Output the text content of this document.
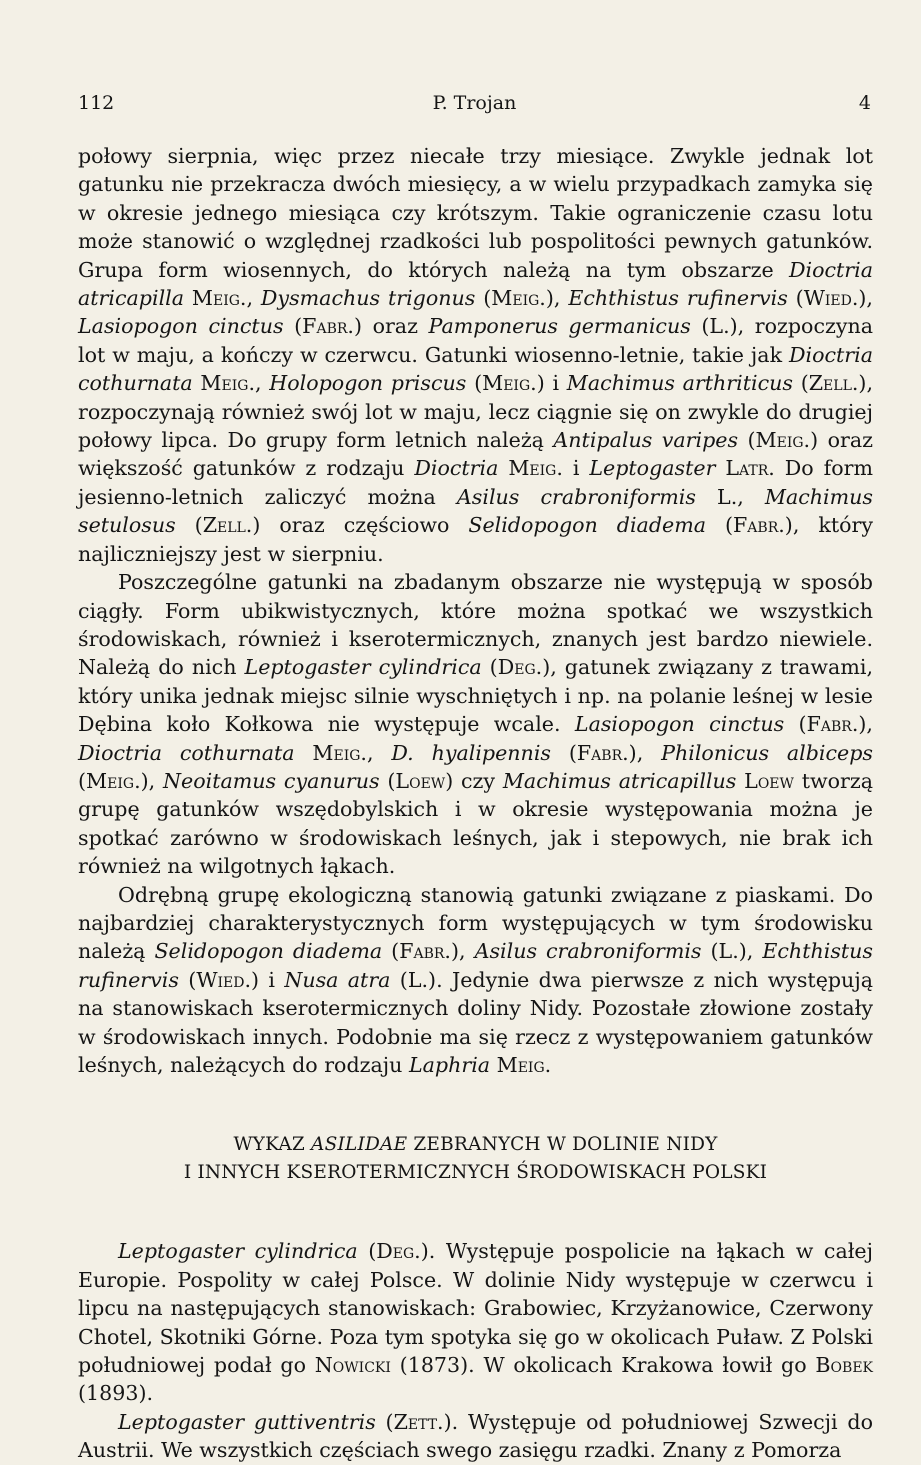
112	P. Trojan	4

połowy sierpnia, więc przez niecałe trzy miesiące. Zwykle jednak lot gatunku nie przekracza dwóch miesięcy, a w wielu przypadkach zamyka się w okresie jednego miesiąca czy krótszym. Takie ograniczenie czasu lotu może stanowić o względnej rzadkości lub pospolitości pewnych gatunków. Grupa form wiosennych, do których należą na tym obszarze Dioctria atricapilla Meig., Dysmachus trigonus (Meig.), Echthistus rufinervis (Wied.), Lasiopogon cinctus (Fabr.) oraz Pamponerus germanicus (L.), rozpoczyna lot w maju, a kończy w czerwcu. Gatunki wiosenno-letnie, takie jak Dioctria cothurnata Meig., Holopogon priscus (Meig.) i Machimus arthriticus (Zell.), rozpoczynają również swój lot w maju, lecz ciągnie się on zwykle do drugiej połowy lipca. Do grupy form letnich należą Antipalus varipes (Meig.) oraz większość gatunków z rodzaju Dioctria Meig. i Leptogaster Latr. Do form jesienno-letnich zaliczyć można Asilus crabroniformis L., Machimus setulosus (Zell.) oraz częściowo Selidopogon diadema (Fabr.), który najliczniejszy jest w sierpniu.

Poszczególne gatunki na zbadanym obszarze nie występują w sposób ciągły. Form ubikwistycznych, które można spotkać we wszystkich środowiskach, również i kserotermicznych, znanych jest bardzo niewiele. Należą do nich Leptogaster cylindrica (Deg.), gatunek związany z trawami, który unika jednak miejsc silnie wyschniętych i np. na polanie leśnej w lesie Dębina koło Kołkowa nie występuje wcale. Lasiopogon cinctus (Fabr.), Dioctria cothurnata Meig., D. hyalipennis (Fabr.), Philonicus albiceps (Meig.), Neoitamus cyanurus (Loew) czy Machimus atricapillus Loew tworzą grupę gatunków wszędobylskich i w okresie występowania można je spotkać zarówno w środowiskach leśnych, jak i stepowych, nie brak ich również na wilgotnych łąkach.

Odrębną grupę ekologiczną stanowią gatunki związane z piaskami. Do najbardziej charakterystycznych form występujących w tym środowisku należą Selidopogon diadema (Fabr.), Asilus crabroniformis (L.), Echthistus rufinervis (Wied.) i Nusa atra (L.). Jedynie dwa pierwsze z nich występują na stanowiskach kserotermicznych doliny Nidy. Pozostałe złowione zostały w środowiskach innych. Podobnie ma się rzecz z występowaniem gatunków leśnych, należących do rodzaju Laphria Meig.

WYKAZ ASILIDAE ZEBRANYCH W DOLINIE NIDY
I INNYCH KSEROTERMICZNYCH ŚRODOWISKACH POLSKI

Leptogaster cylindrica (Deg.). Występuje pospolicie na łąkach w całej Europie. Pospolity w całej Polsce. W dolinie Nidy występuje w czerwcu i lipcu na następujących stanowiskach: Grabowiec, Krzyżanowice, Czerwony Chotel, Skotniki Górne. Poza tym spotyka się go w okolicach Puław. Z Polski południowej podał go Nowicki (1873). W okolicach Krakowa łowił go Bobek (1893).

Leptogaster guttiventris (Zett.). Występuje od południowej Szwecji do Austrii. We wszystkich częściach swego zasięgu rzadki. Znany z Pomorza
